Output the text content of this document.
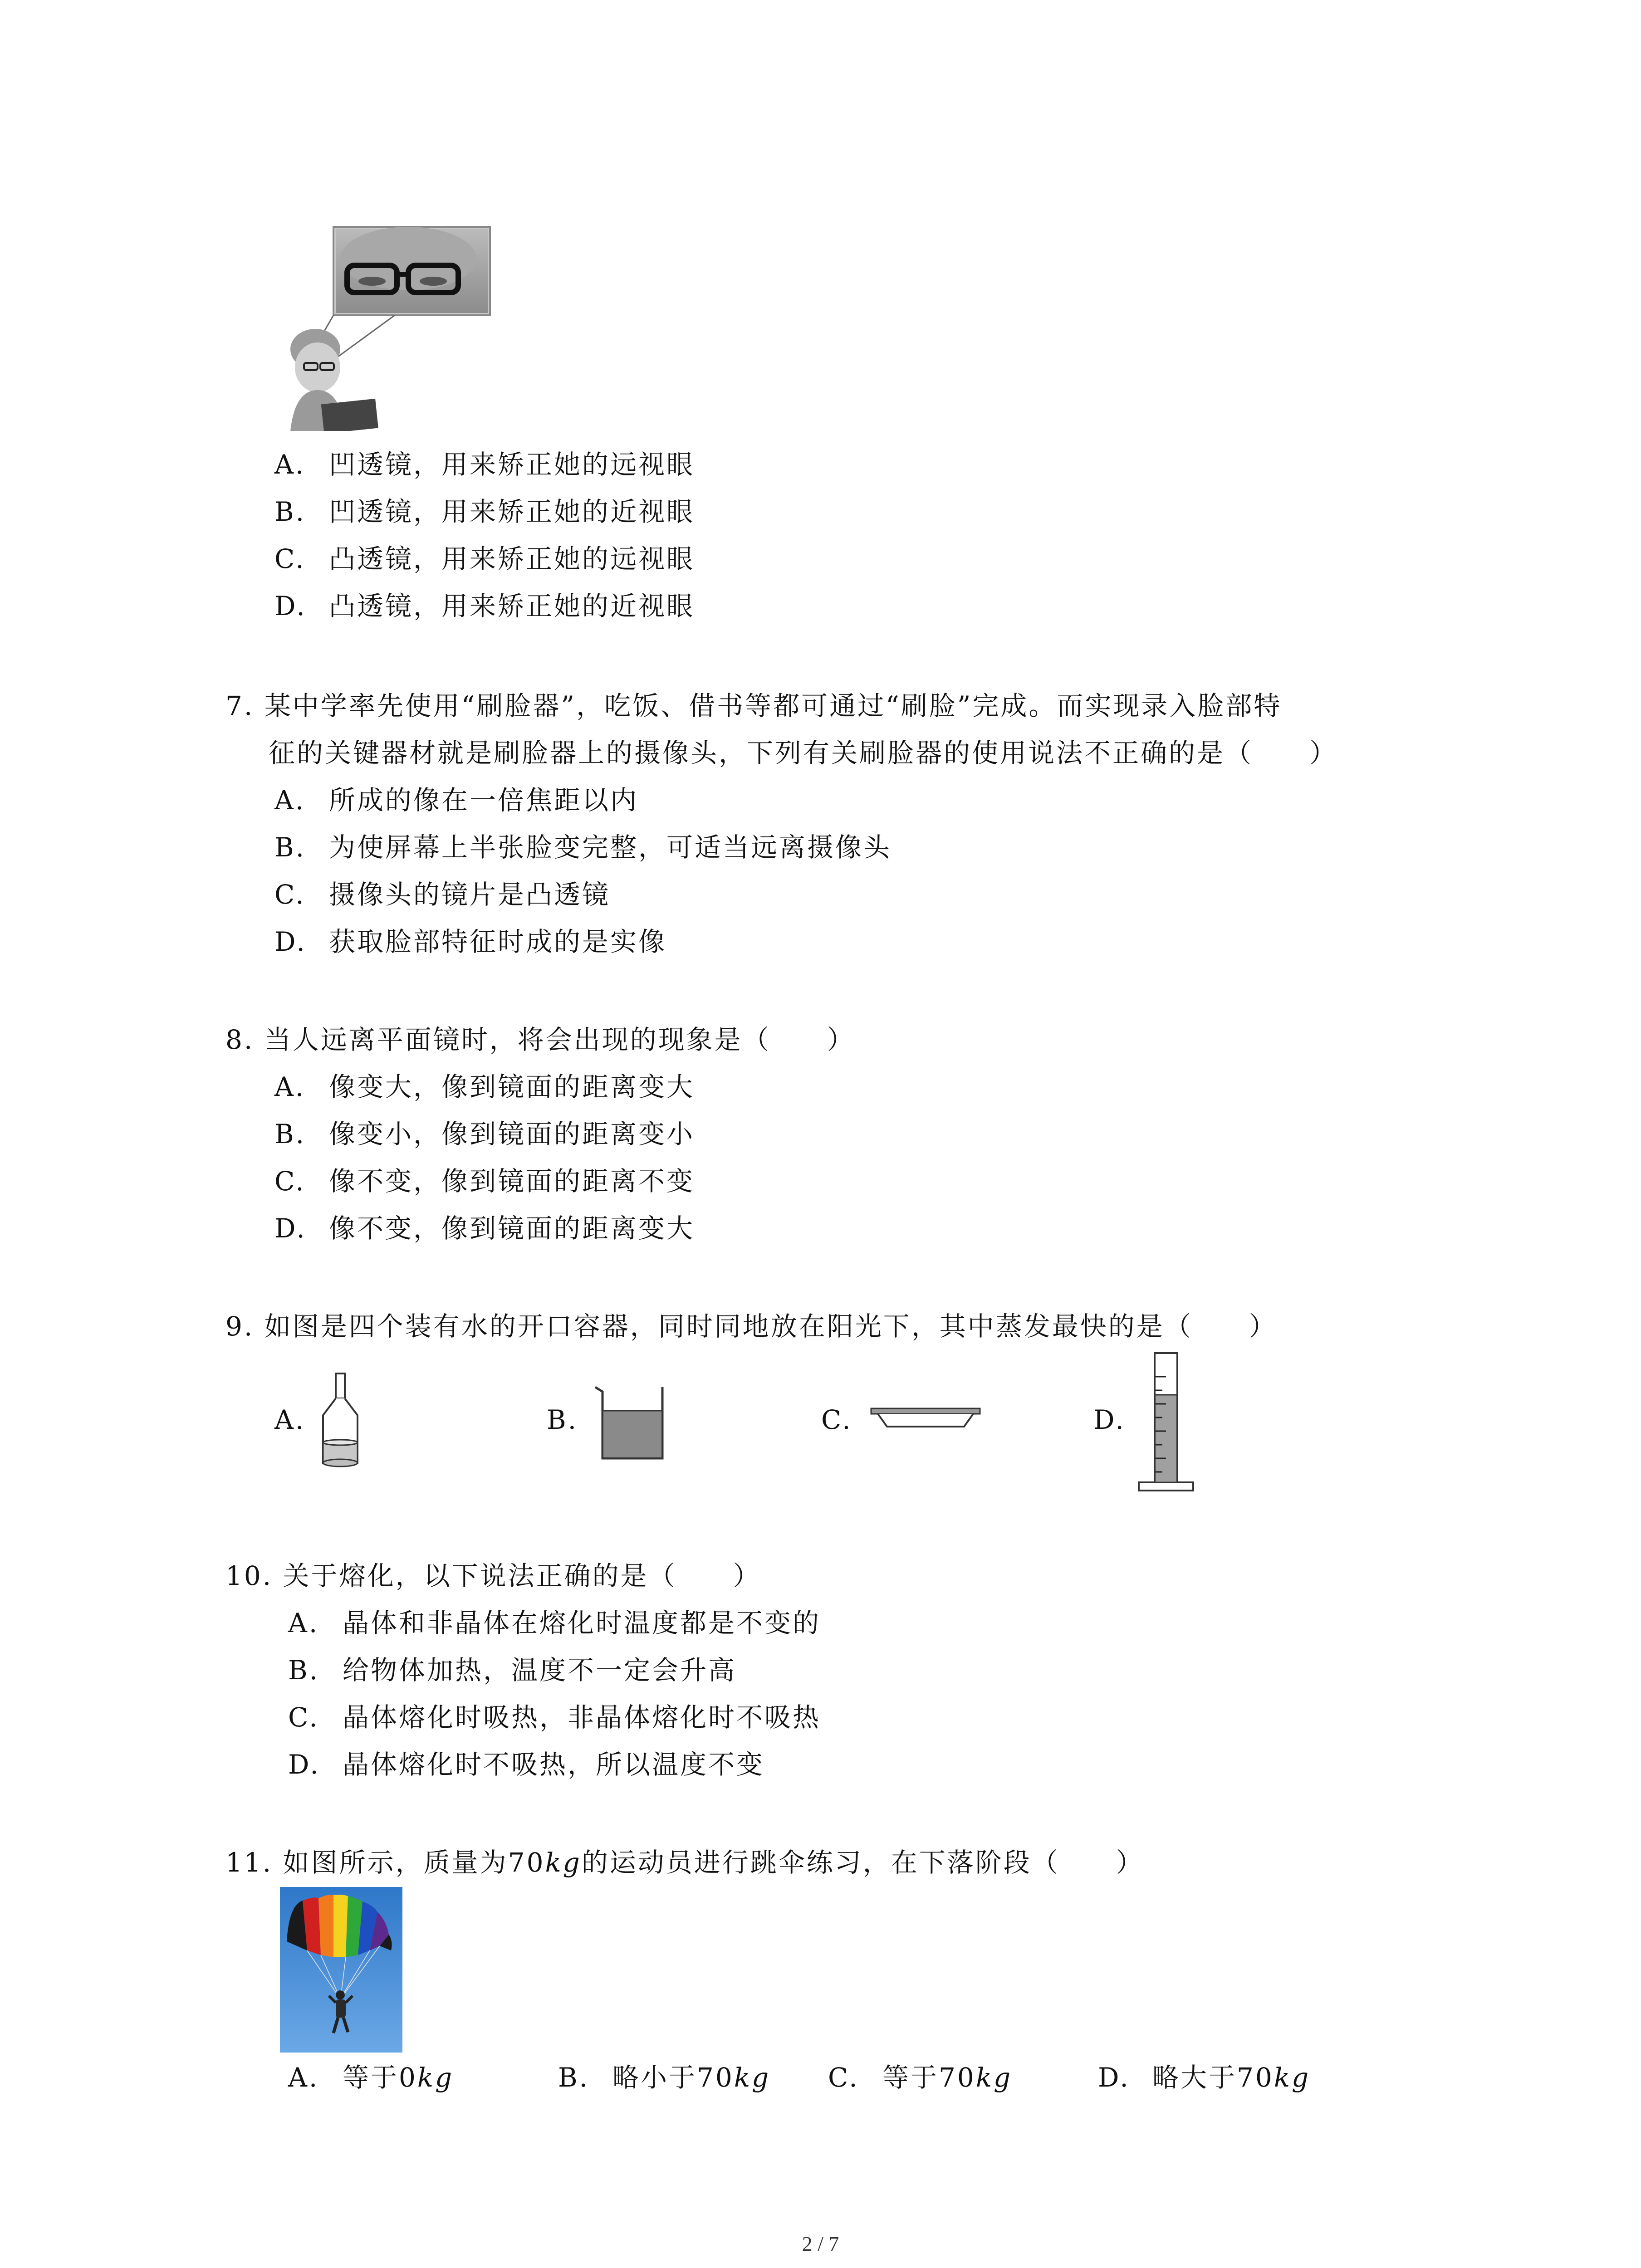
A. 凹透镜，用来矫正她的远视眼
B. 凹透镜，用来矫正她的近视眼
C. 凸透镜，用来矫正她的远视眼
D. 凸透镜，用来矫正她的近视眼
7. 某中学率先使用“刷脸器”，吃饭、借书等都可通过“刷脸”完成。而实现录入脸部特
征的关键器材就是刷脸器上的摄像头，下列有关刷脸器的使用说法不正确的是（　　）
A. 所成的像在一倍焦距以内
B. 为使屏幕上半张脸变完整，可适当远离摄像头
C. 摄像头的镜片是凸透镜
D. 获取脸部特征时成的是实像
8. 当人远离平面镜时，将会出现的现象是（　　）
A. 像变大，像到镜面的距离变大
B. 像变小，像到镜面的距离变小
C. 像不变，像到镜面的距离不变
D. 像不变，像到镜面的距离变大
9. 如图是四个装有水的开口容器，同时同地放在阳光下，其中蒸发最快的是（　　）
A.	B.	C.	D.
10. 关于熔化，以下说法正确的是（　　）
A. 晶体和非晶体在熔化时温度都是不变的
B. 给物体加热，温度不一定会升高
C. 晶体熔化时吸热，非晶体熔化时不吸热
D. 晶体熔化时不吸热，所以温度不变
11. 如图所示，质量为70kg的运动员进行跳伞练习，在下落阶段（　　）
A. 等于0kg	B. 略小于70kg C. 等于70kg	D. 略大于70kg
2 / 7
